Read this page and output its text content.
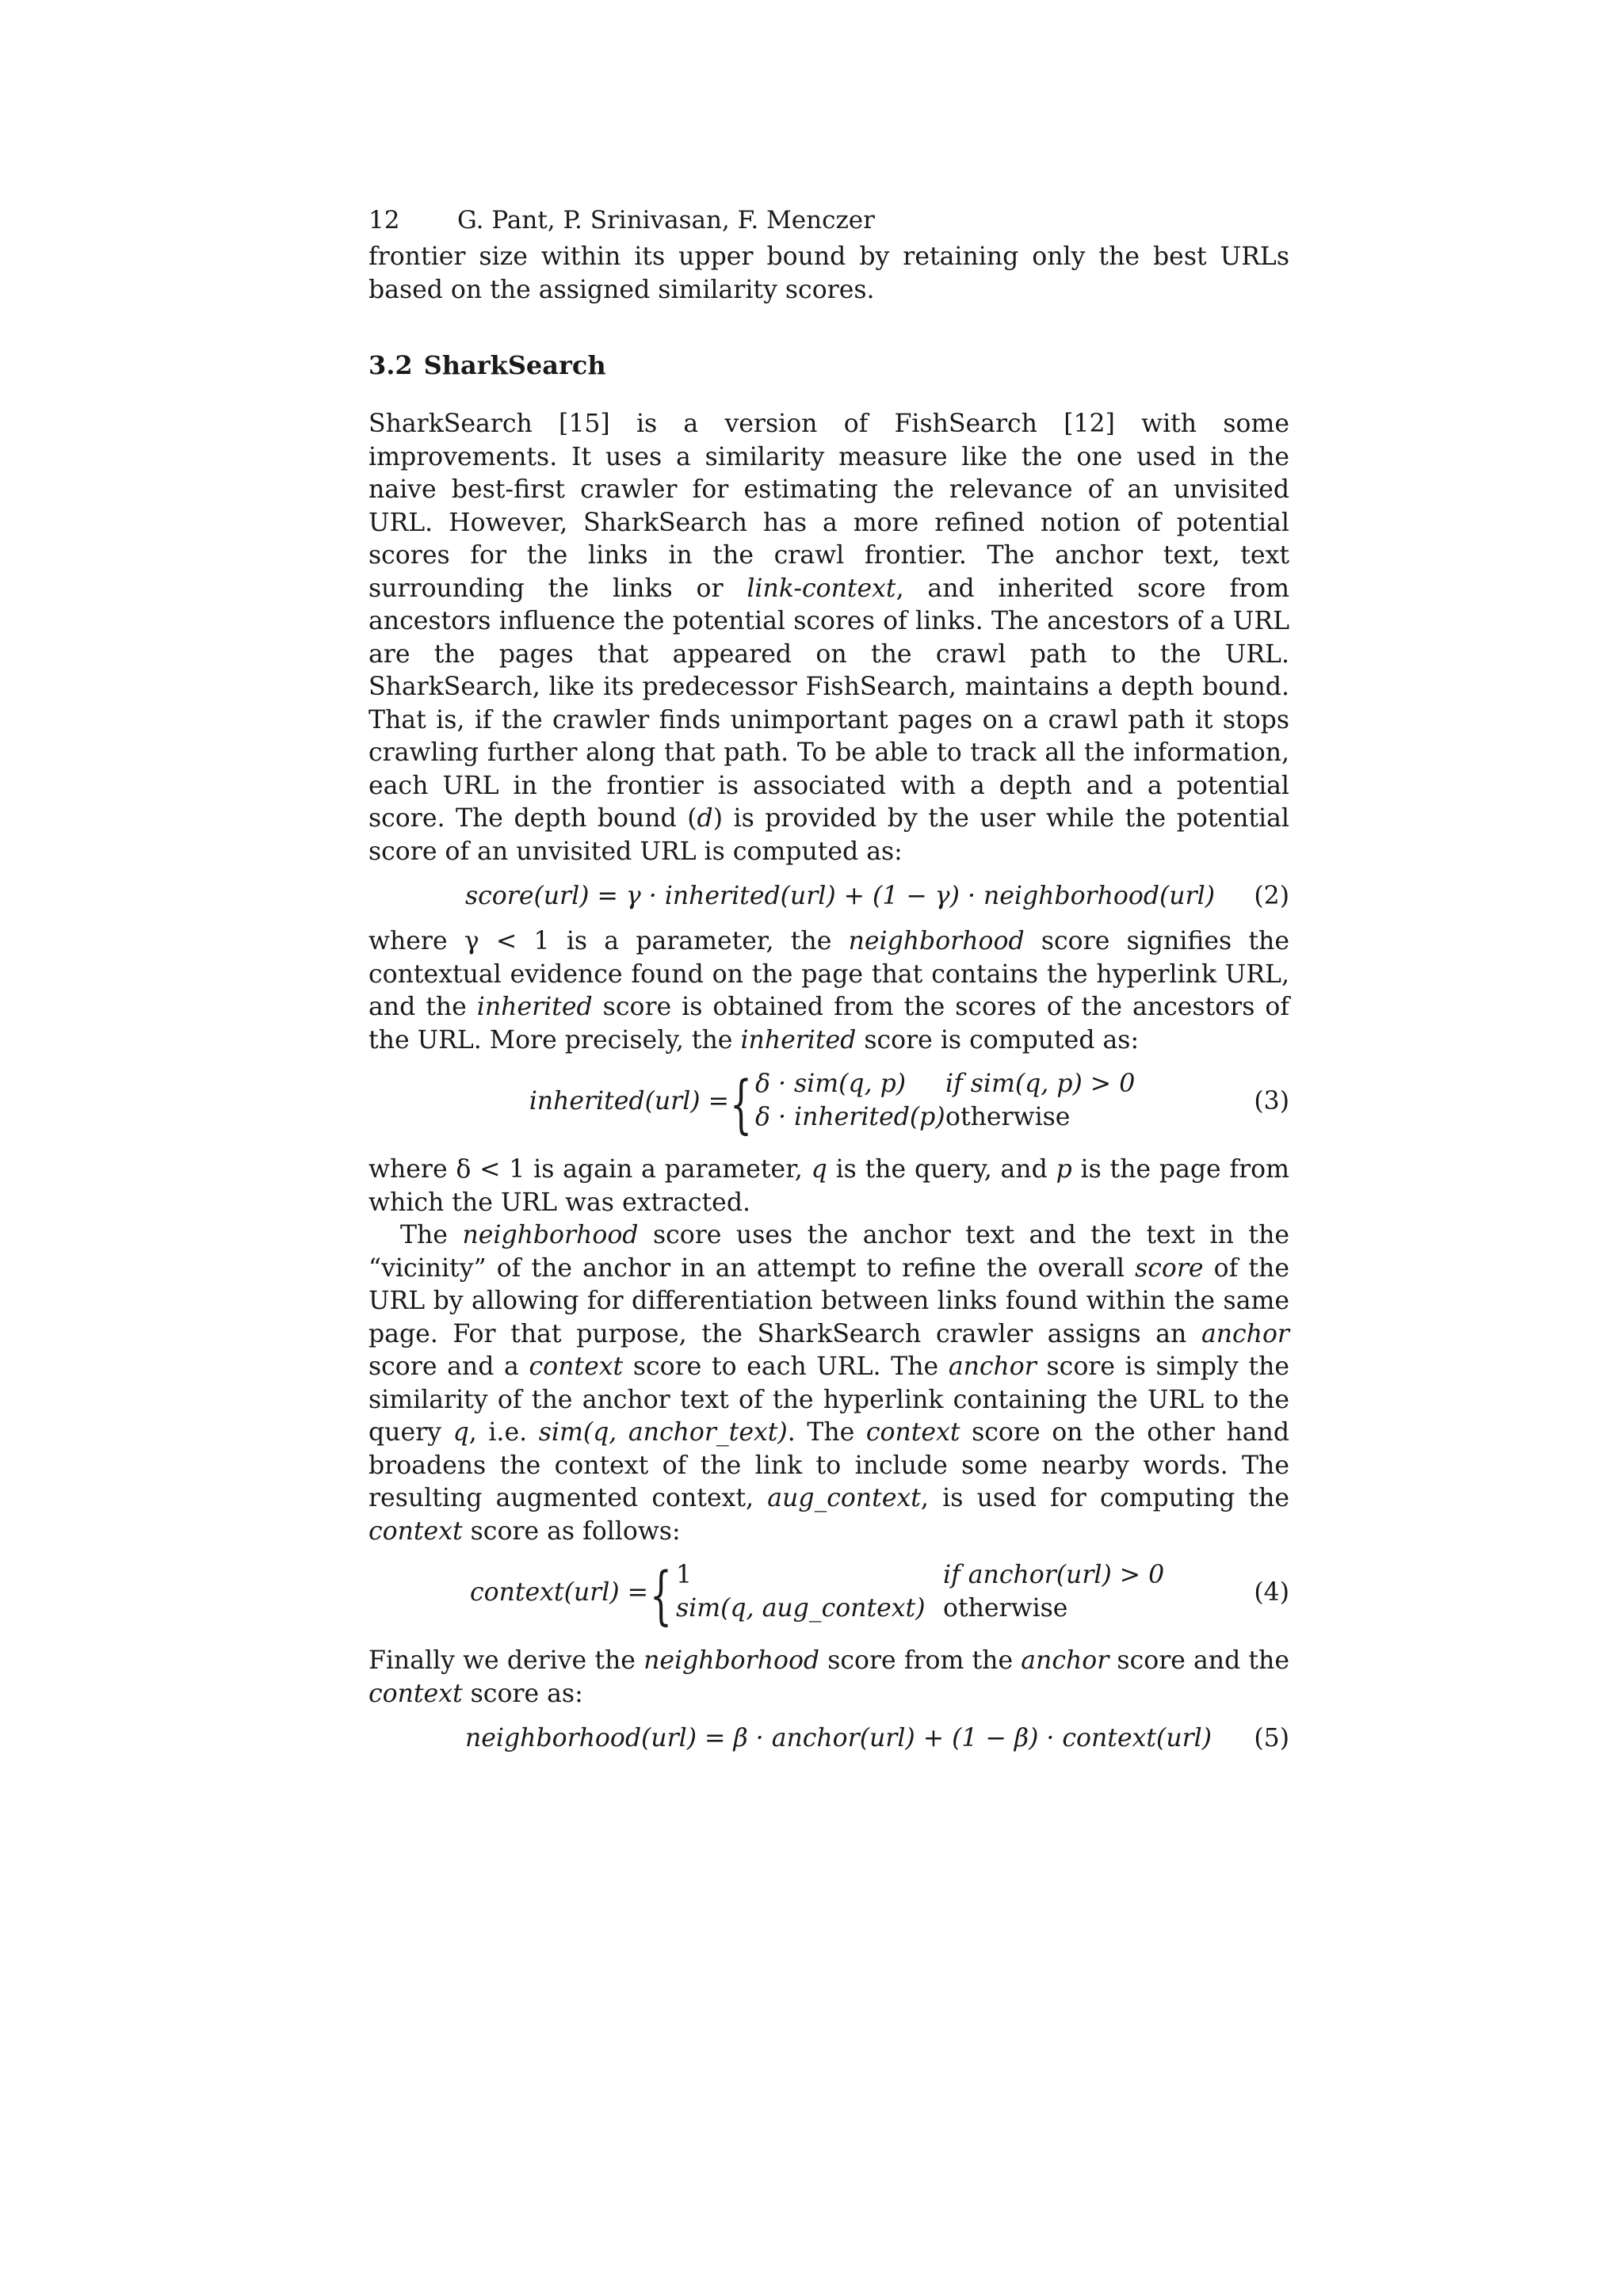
12 G. Pant, P. Srinivasan, F. Menczer

frontier size within its upper bound by retaining only the best URLs based on the assigned similarity scores.

3.2 SharkSearch

SharkSearch [15] is a version of FishSearch [12] with some improvements. It uses a similarity measure like the one used in the naive best-first crawler for estimating the relevance of an unvisited URL. However, SharkSearch has a more refined notion of potential scores for the links in the crawl frontier. The anchor text, text surrounding the links or link-context, and inherited score from ancestors influence the potential scores of links. The ancestors of a URL are the pages that appeared on the crawl path to the URL. SharkSearch, like its predecessor FishSearch, maintains a depth bound. That is, if the crawler finds unimportant pages on a crawl path it stops crawling further along that path. To be able to track all the information, each URL in the frontier is associated with a depth and a potential score. The depth bound (d) is provided by the user while the potential score of an unvisited URL is computed as:

score(url) = γ · inherited(url) + (1 − γ) · neighborhood(url) (2)

where γ < 1 is a parameter, the neighborhood score signifies the contextual evidence found on the page that contains the hyperlink URL, and the inherited score is obtained from the scores of the ancestors of the URL. More precisely, the inherited score is computed as:

inherited(url) = { δ · sim(q, p) if sim(q, p) > 0
δ · inherited(p) otherwise
(3)

where δ < 1 is again a parameter, q is the query, and p is the page from which the URL was extracted.

The neighborhood score uses the anchor text and the text in the “vicinity” of the anchor in an attempt to refine the overall score of the URL by allowing for differentiation between links found within the same page. For that purpose, the SharkSearch crawler assigns an anchor score and a context score to each URL. The anchor score is simply the similarity of the anchor text of the hyperlink containing the URL to the query q, i.e. sim(q, anchor_text). The context score on the other hand broadens the context of the link to include some nearby words. The resulting augmented context, aug_context, is used for computing the context score as follows:

context(url) = { 1	if anchor(url) > 0
sim(q, aug_context) otherwise
(4)

Finally we derive the neighborhood score from the anchor score and the context score as:

neighborhood(url) = β · anchor(url) + (1 − β) · context(url) (5)
